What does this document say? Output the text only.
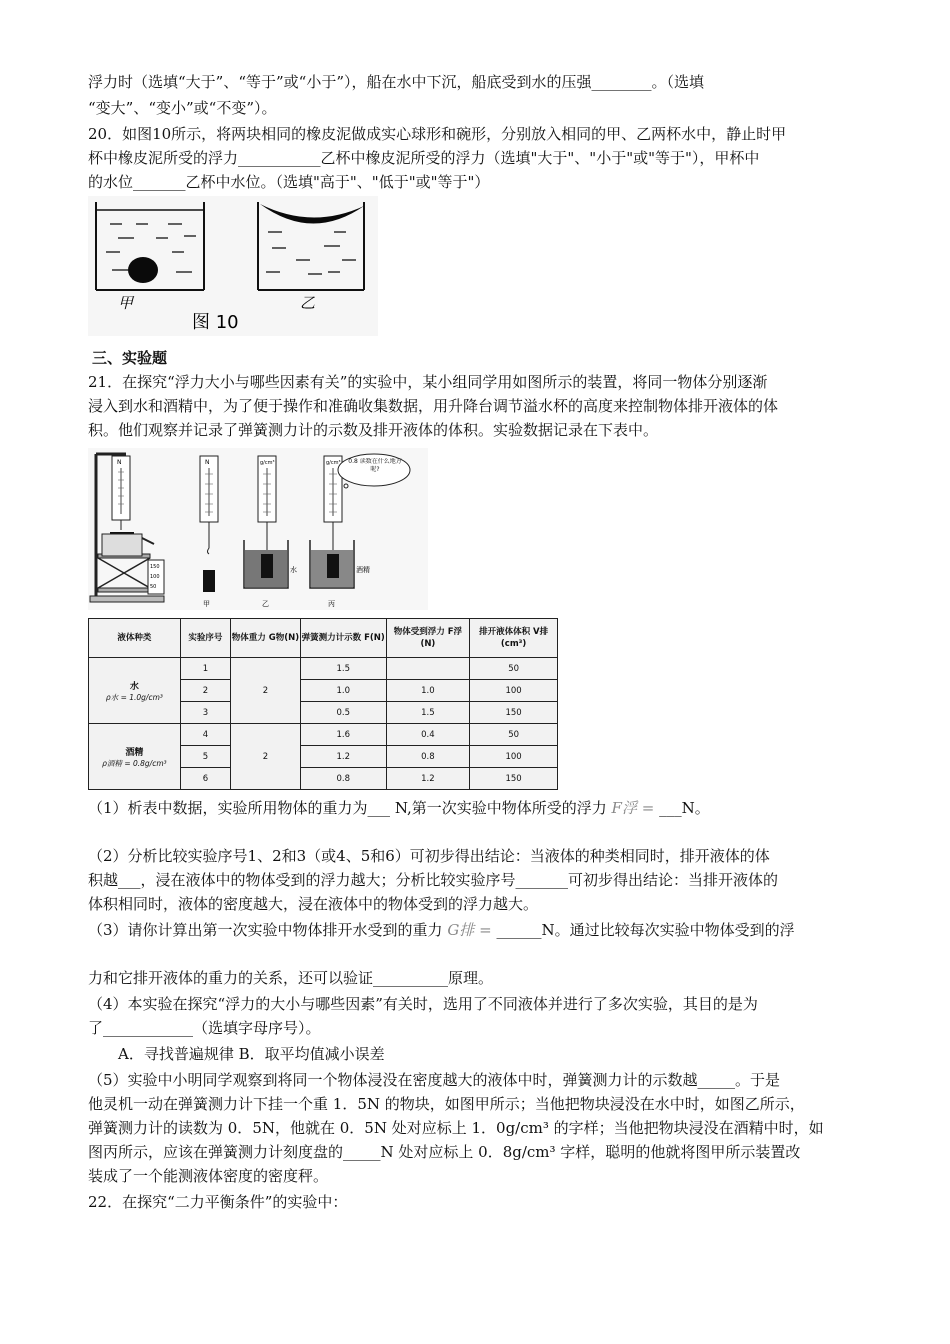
浮力时（选填“大于”、“等于”或“小于”），船在水中下沉，船底受到水的压强________。（选填
“变大”、“变小”或“不变”）。
20．如图10所示，将两块相同的橡皮泥做成实心球形和碗形，分别放入相同的甲、乙两杯水中，静止时甲
杯中橡皮泥所受的浮力___________乙杯中橡皮泥所受的浮力（选填"大于"、"小于"或"等于"），甲杯中
的水位_______乙杯中水位。（选填"高于"、"低于"或"等于"）
甲	乙
图 10
三、实验题
21．在探究“浮力大小与哪些因素有关”的实验中，某小组同学用如图所示的装置，将同一物体分别逐渐
浸入到水和酒精中，为了便于操作和准确收集数据，用升降台调节溢水杯的高度来控制物体排开液体的体
积。他们观察并记录了弹簧测力计的示数及排开液体的体积。实验数据记录在下表中。
N
150
100
50
N
甲
g/cm³
水
乙
g/cm³
酒精
丙
0.8 读数在什么地方呢?
液体种类	实验序号	物体重力 G物(N)	弹簧测力计示数 F(N)	物体受到浮力 F浮(N)	排开液体体积 V排(cm³)

水
ρ水 = 1.0g/cm³	1	2	1.5		50
	2		1.0	1.0	100
	3		0.5	1.5	150

酒精
ρ酒精 = 0.8g/cm³	4	2	1.6	0.4	50
	5		1.2	0.8	100
	6		0.8	1.2	150
（1）析表中数据，实验所用物体的重力为___ N,第一次实验中物体所受的浮力 F浮 = ___N。
（2）分析比较实验序号1、2和3（或4、5和6）可初步得出结论：当液体的种类相同时，排开液体的体
积越___，浸在液体中的物体受到的浮力越大；分析比较实验序号_______可初步得出结论：当排开液体的
体积相同时，液体的密度越大，浸在液体中的物体受到的浮力越大。
（3）请你计算出第一次实验中物体排开水受到的重力 G排 = ______N。通过比较每次实验中物体受到的浮
力和它排开液体的重力的关系，还可以验证__________原理。
（4）本实验在探究“浮力的大小与哪些因素”有关时，选用了不同液体并进行了多次实验，其目的是为
了____________（选填字母序号）。
A．寻找普遍规律 B．取平均值减小误差
（5）实验中小明同学观察到将同一个物体浸没在密度越大的液体中时，弹簧测力计的示数越_____。于是
他灵机一动在弹簧测力计下挂一个重 1．5N 的物块，如图甲所示；当他把物块浸没在水中时，如图乙所示，
弹簧测力计的读数为 0．5N，他就在 0．5N 处对应标上 1．0g/cm³ 的字样；当他把物块浸没在酒精中时，如
图丙所示，应该在弹簧测力计刻度盘的_____N 处对应标上 0．8g/cm³ 字样，聪明的他就将图甲所示装置改
装成了一个能测液体密度的密度秤。
22．在探究“二力平衡条件”的实验中：
